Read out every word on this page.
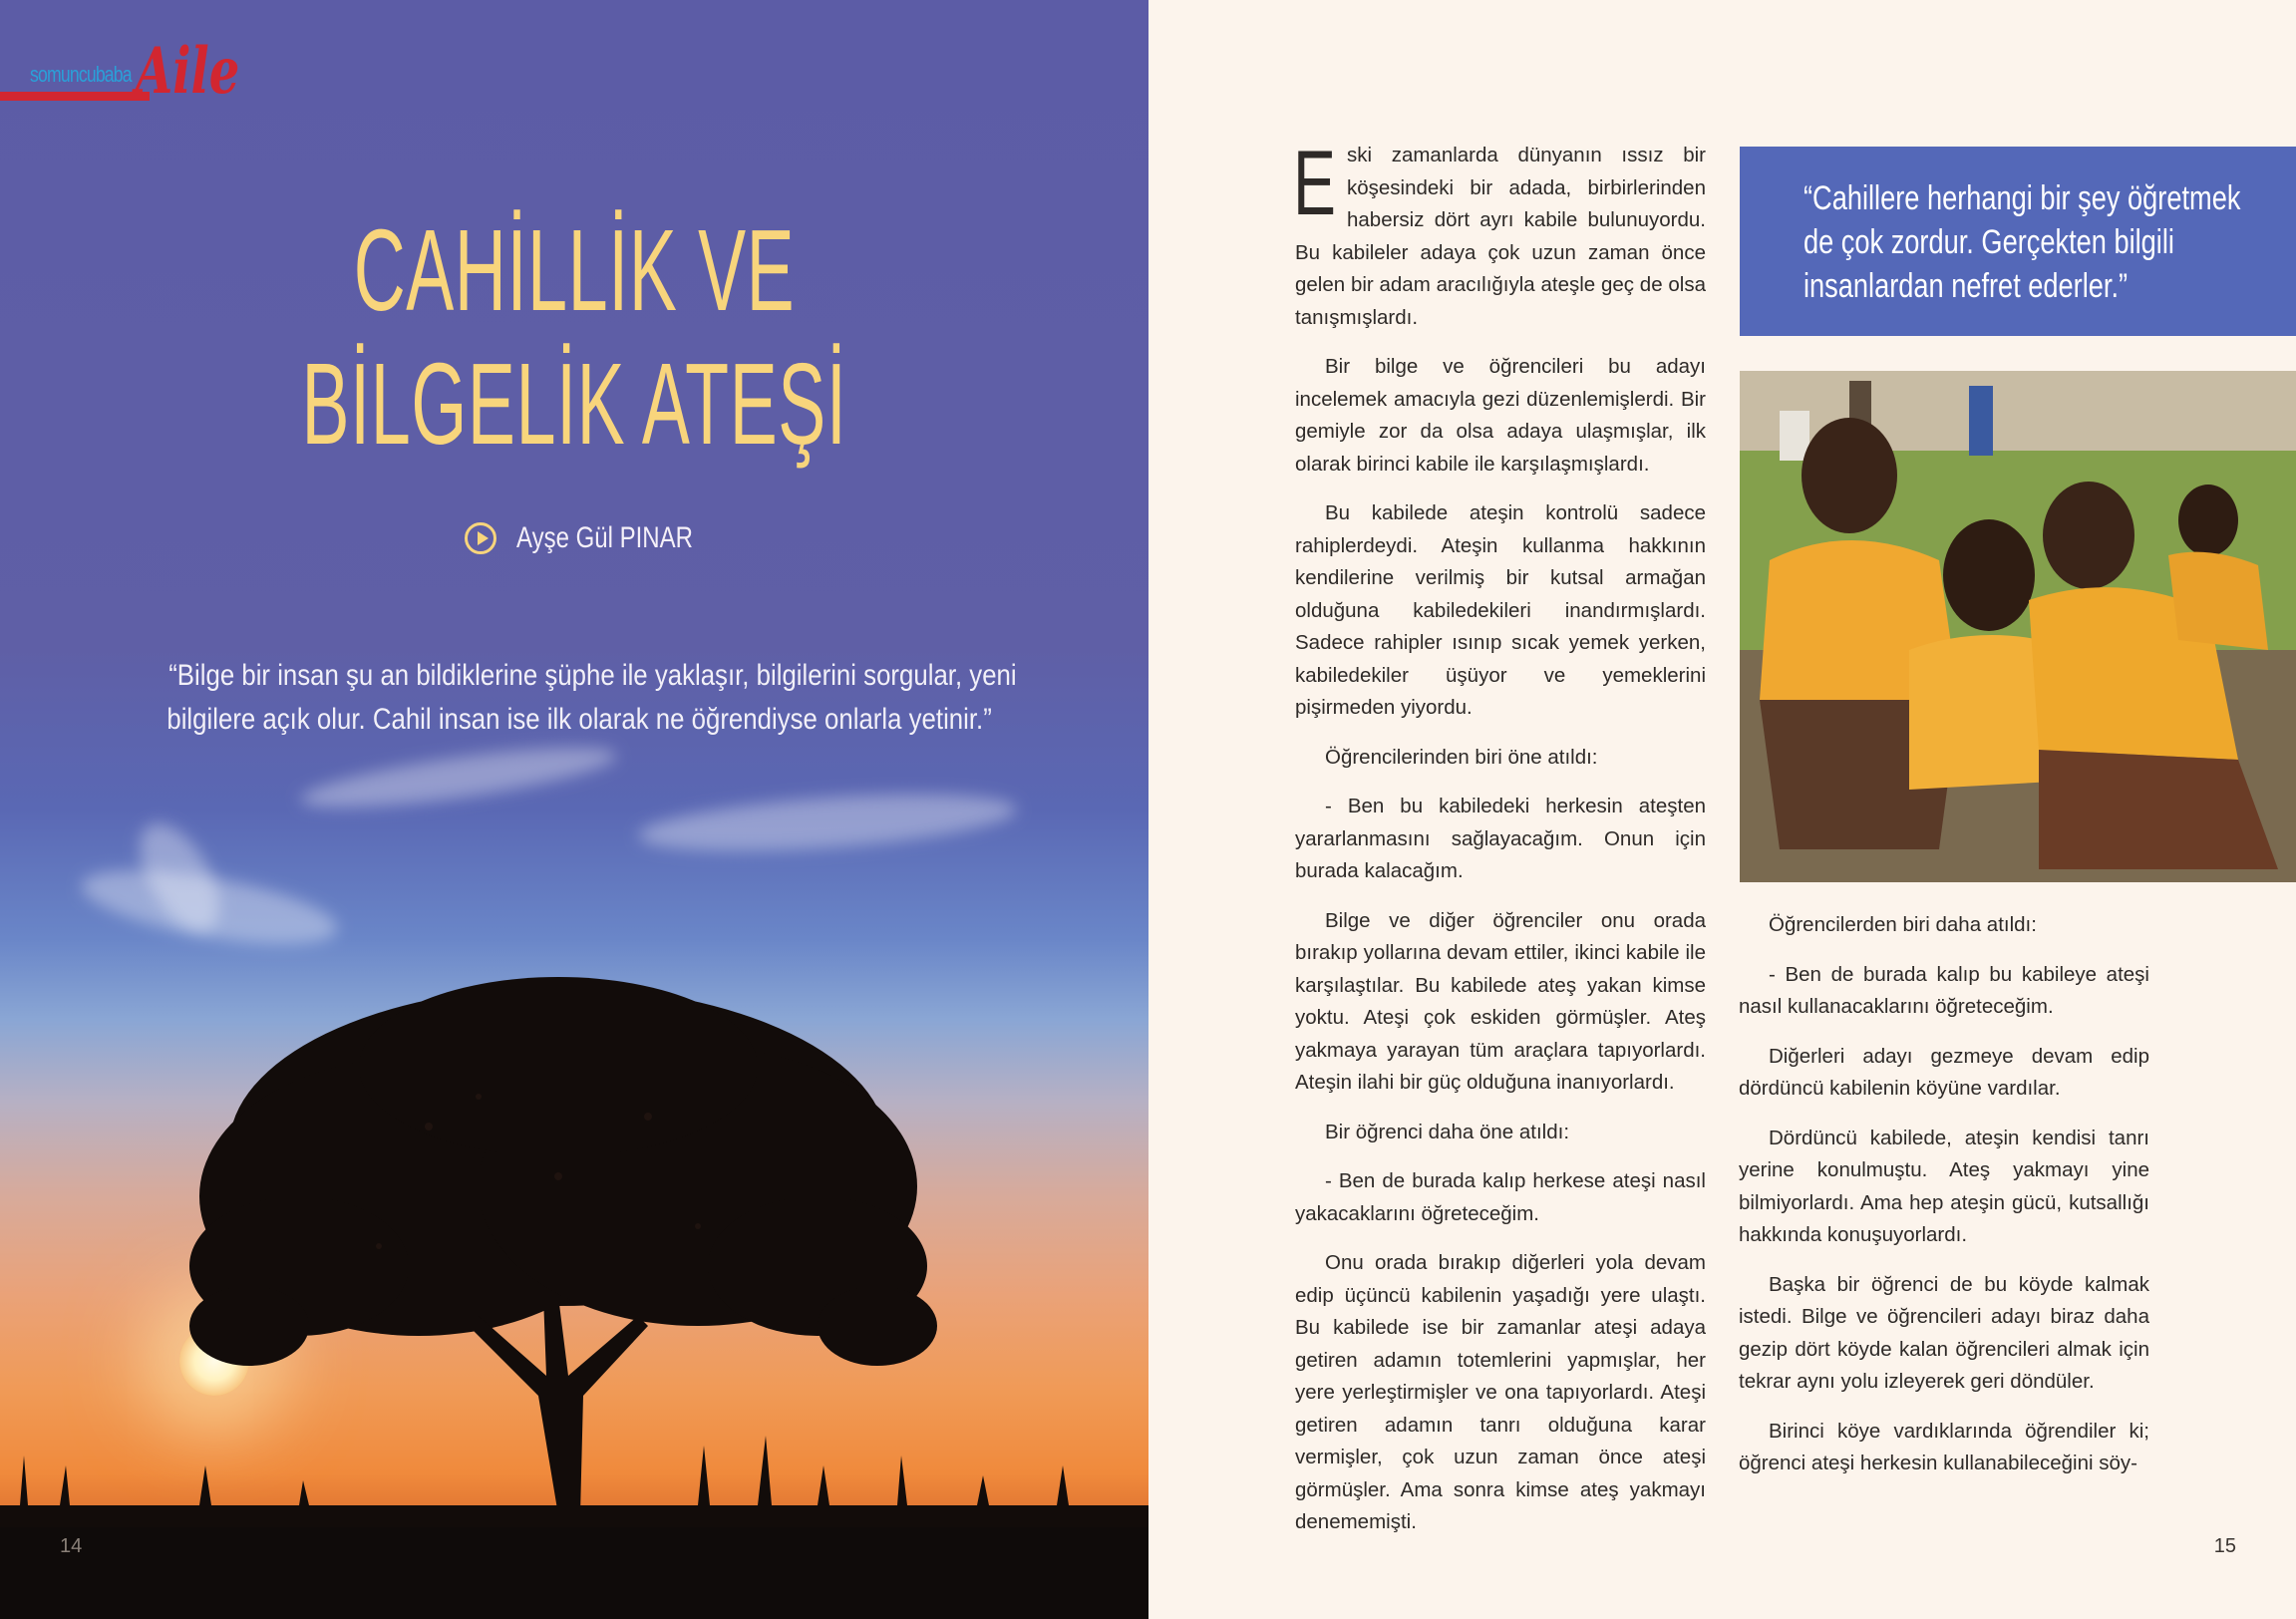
somuncubaba Aile
CAHİLLİK VE
BİLGELİK ATEŞİ
Ayşe Gül PINAR
“Bilge bir insan şu an bildiklerine şüphe ile yaklaşır, bilgilerini sorgular, yeni
bilgilere açık olur. Cahil insan ise ilk olarak ne öğrendiyse onlarla yetinir.”
14

Eski zamanlarda dünyanın ıssız bir köşesindeki bir adada, birbirlerinden habersiz dört ayrı kabile bulunuyordu. Bu kabileler adaya çok uzun zaman önce gelen bir adam aracılığıyla ateşle geç de olsa tanışmışlardı.

Bir bilge ve öğrencileri bu adayı incelemek amacıyla gezi düzenlemişlerdi. Bir gemiyle zor da olsa adaya ulaşmışlar, ilk olarak birinci kabile ile karşılaşmışlardı.

Bu kabilede ateşin kontrolü sadece rahiplerdeydi. Ateşin kullanma hakkının kendilerine verilmiş bir kutsal armağan olduğuna kabiledekileri inandırmışlardı. Sadece rahipler ısınıp sıcak yemek yerken, kabiledekiler üşüyor ve yemeklerini pişirmeden yiyordu.

Öğrencilerinden biri öne atıldı:

- Ben bu kabiledeki herkesin ateşten yararlanmasını sağlayacağım. Onun için burada kalacağım.

Bilge ve diğer öğrenciler onu orada bırakıp yollarına devam ettiler, ikinci kabile ile karşılaştılar. Bu kabilede ateş yakan kimse yoktu. Ateşi çok eskiden görmüşler. Ateş yakmaya yarayan tüm araçlara tapıyorlardı. Ateşin ilahi bir güç olduğuna inanıyorlardı.

Bir öğrenci daha öne atıldı:

- Ben de burada kalıp herkese ateşi nasıl yakacaklarını öğreteceğim.

Onu orada bırakıp diğerleri yola devam edip üçüncü kabilenin yaşadığı yere ulaştı. Bu kabilede ise bir zamanlar ateşi adaya getiren adamın totemlerini yapmışlar, her yere yerleştirmişler ve ona tapıyorlardı. Ateşi getiren adamın tanrı olduğuna karar vermişler, çok uzun zaman önce ateşi görmüşler. Ama sonra kimse ateş yakmayı denememişti.

“Cahillere herhangi bir şey öğretmek
de çok zordur. Gerçekten bilgili
insanlardan nefret ederler.”

Öğrencilerden biri daha atıldı:

- Ben de burada kalıp bu kabileye ateşi nasıl kullanacaklarını öğreteceğim.

Diğerleri adayı gezmeye devam edip dördüncü kabilenin köyüne vardılar.

Dördüncü kabilede, ateşin kendisi tanrı yerine konulmuştu. Ateş yakmayı yine bilmiyorlardı. Ama hep ateşin gücü, kutsallığı hakkında konuşuyorlardı.

Başka bir öğrenci de bu köyde kalmak istedi. Bilge ve öğrencileri adayı biraz daha gezip dört köyde kalan öğrencileri almak için tekrar aynı yolu izleyerek geri döndüler.

Birinci köye vardıklarında öğrendiler ki; öğrenci ateşi herkesin kullanabileceğini söy-

15
